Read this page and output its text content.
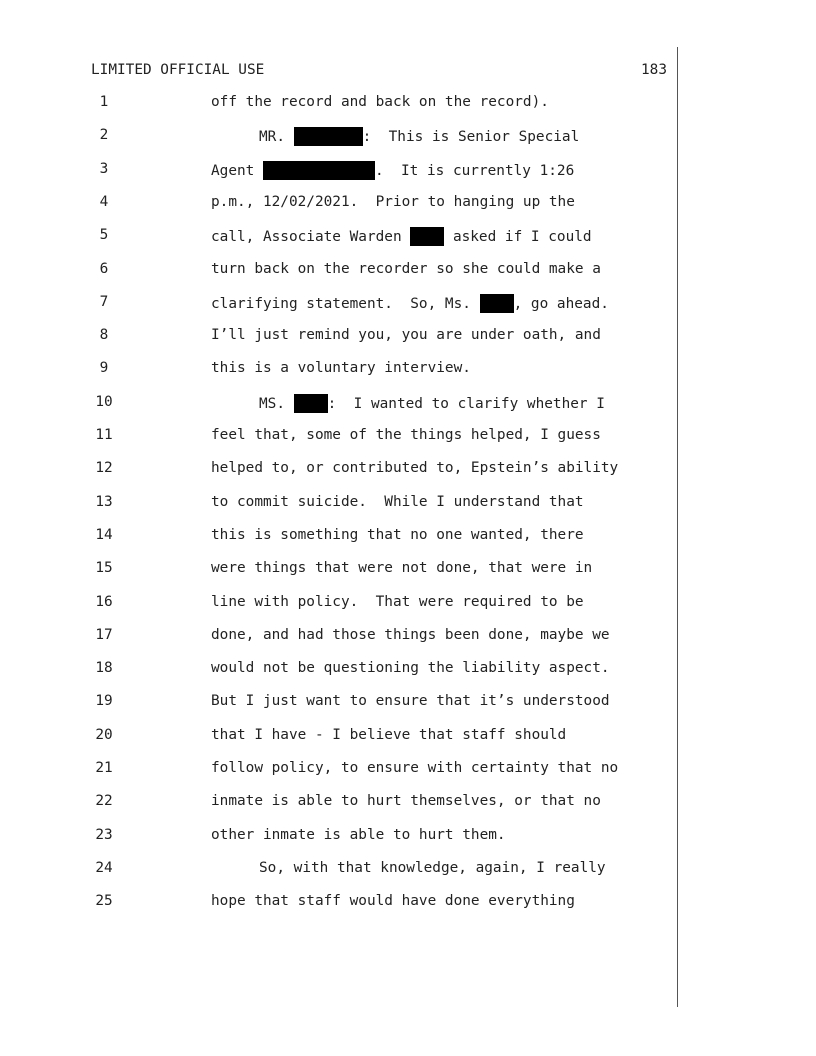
LIMITED OFFICIAL USE	183
1	off the record and back on the record).
2	MR.	:  This is Senior Special
3	Agent	.  It is currently 1:26
4	p.m., 12/02/2021.  Prior to hanging up the
5	call, Associate Warden  asked if I could
6	turn back on the recorder so she could make a
7	clarifying statement.  So, Ms. , go ahead.
8	I’ll just remind you, you are under oath, and
9	this is a voluntary interview.
10	MS. :  I wanted to clarify whether I
11	feel that, some of the things helped, I guess
12	helped to, or contributed to, Epstein’s ability
13	to commit suicide.  While I understand that
14	this is something that no one wanted, there
15	were things that were not done, that were in
16	line with policy.  That were required to be
17	done, and had those things been done, maybe we
18	would not be questioning the liability aspect.
19	But I just want to ensure that it’s understood
20	that I have - I believe that staff should
21	follow policy, to ensure with certainty that no
22	inmate is able to hurt themselves, or that no
23	other inmate is able to hurt them.
24	So, with that knowledge, again, I really
25	hope that staff would have done everything
